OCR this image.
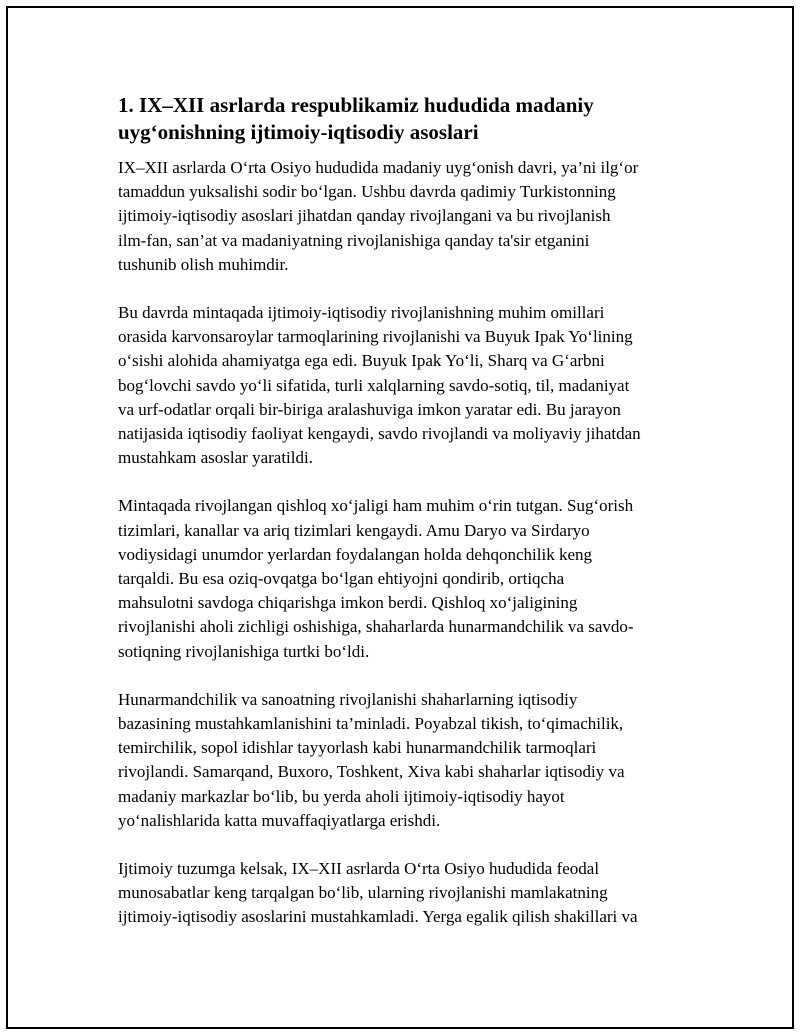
1. IX–XII asrlarda respublikamiz hududida madaniy
uyg‘onishning ijtimoiy-iqtisodiy asoslari

IX–XII asrlarda O‘rta Osiyo hududida madaniy uyg‘onish davri, ya’ni ilg‘or
tamaddun yuksalishi sodir bo‘lgan. Ushbu davrda qadimiy Turkistonning
ijtimoiy-iqtisodiy asoslari jihatdan qanday rivojlangani va bu rivojlanish
ilm-fan, san’at va madaniyatning rivojlanishiga qanday ta'sir etganini
tushunib olish muhimdir.

Bu davrda mintaqada ijtimoiy-iqtisodiy rivojlanishning muhim omillari
orasida karvonsaroylar tarmoqlarining rivojlanishi va Buyuk Ipak Yo‘lining
o‘sishi alohida ahamiyatga ega edi. Buyuk Ipak Yo‘li, Sharq va G‘arbni
bog‘lovchi savdo yo‘li sifatida, turli xalqlarning savdo-sotiq, til, madaniyat
va urf-odatlar orqali bir-biriga aralashuviga imkon yaratar edi. Bu jarayon
natijasida iqtisodiy faoliyat kengaydi, savdo rivojlandi va moliyaviy jihatdan
mustahkam asoslar yaratildi.

Mintaqada rivojlangan qishloq xo‘jaligi ham muhim o‘rin tutgan. Sug‘orish
tizimlari, kanallar va ariq tizimlari kengaydi. Amu Daryo va Sirdaryo
vodiysidagi unumdor yerlardan foydalangan holda dehqonchilik keng
tarqaldi. Bu esa oziq-ovqatga bo‘lgan ehtiyojni qondirib, ortiqcha
mahsulotni savdoga chiqarishga imkon berdi. Qishloq xo‘jaligining
rivojlanishi aholi zichligi oshishiga, shaharlarda hunarmandchilik va savdo-
sotiqning rivojlanishiga turtki bo‘ldi.

Hunarmandchilik va sanoatning rivojlanishi shaharlarning iqtisodiy
bazasining mustahkamlanishini ta’minladi. Poyabzal tikish, to‘qimachilik,
temirchilik, sopol idishlar tayyorlash kabi hunarmandchilik tarmoqlari
rivojlandi. Samarqand, Buxoro, Toshkent, Xiva kabi shaharlar iqtisodiy va
madaniy markazlar bo‘lib, bu yerda aholi ijtimoiy-iqtisodiy hayot
yo‘nalishlarida katta muvaffaqiyatlarga erishdi.

Ijtimoiy tuzumga kelsak, IX–XII asrlarda O‘rta Osiyo hududida feodal
munosabatlar keng tarqalgan bo‘lib, ularning rivojlanishi mamlakatning
ijtimoiy-iqtisodiy asoslarini mustahkamladi. Yerga egalik qilish shakillari va
